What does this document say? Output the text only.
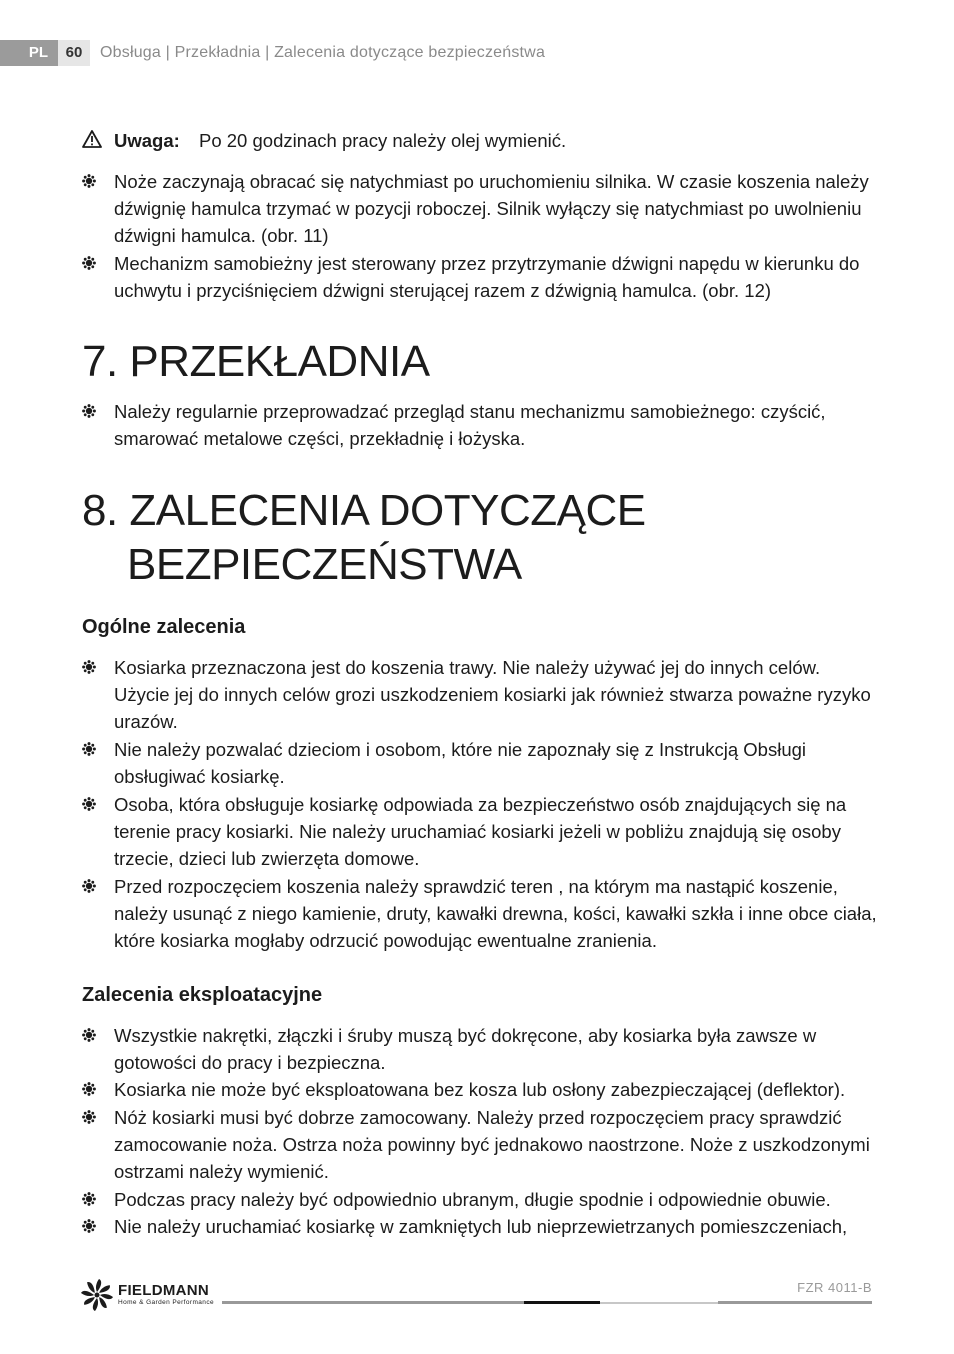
PL	60	Obsługa | Przekładnia | Zalecenia dotyczące bezpieczeństwa
Uwaga: Po 20 godzinach pracy należy olej wymienić.
Noże zaczynają obracać się natychmiast po uruchomieniu silnika. W czasie koszenia należy
dźwignię hamulca trzymać w pozycji roboczej. Silnik wyłączy się natychmiast po uwolnieniu
dźwigni hamulca. (obr. 11)
Mechanizm samobieżny jest sterowany przez przytrzymanie dźwigni napędu w kierunku do
uchwytu i przyciśnięciem dźwigni sterującej razem z dźwignią hamulca. (obr. 12)
7. PRZEKŁADNIA
Należy regularnie przeprowadzać przegląd stanu mechanizmu samobieżnego: czyścić,
smarować metalowe części, przekładnię i łożyska.
8. ZALECENIA DOTYCZĄCE
BEZPIECZEŃSTWA
Ogólne zalecenia
Kosiarka przeznaczona jest do koszenia trawy. Nie należy używać jej do innych celów.
Użycie jej do innych celów grozi uszkodzeniem kosiarki jak również stwarza poważne ryzyko
urazów.
Nie należy pozwalać dzieciom i osobom, które nie zapoznały się z Instrukcją Obsługi
obsługiwać kosiarkę.
Osoba, która obsługuje kosiarkę odpowiada za bezpieczeństwo osób znajdujących się na
terenie pracy kosiarki. Nie należy uruchamiać kosiarki jeżeli w pobliżu znajdują się osoby
trzecie, dzieci lub zwierzęta domowe.
Przed rozpoczęciem koszenia należy sprawdzić teren , na którym ma nastąpić koszenie,
należy usunąć z niego kamienie, druty, kawałki drewna, kości, kawałki szkła i inne obce ciała,
które kosiarka mogłaby odrzucić powodując ewentualne zranienia.
Zalecenia eksploatacyjne
Wszystkie nakrętki, złączki i śruby muszą być dokręcone, aby kosiarka była zawsze w
gotowości do pracy i bezpieczna.
Kosiarka nie może być eksploatowana bez kosza lub osłony zabezpieczającej (deflektor).
Nóż kosiarki musi być dobrze zamocowany. Należy przed rozpoczęciem pracy sprawdzić
zamocowanie noża. Ostrza noża powinny być jednakowo naostrzone. Noże z uszkodzonymi
ostrzami należy wymienić.
Podczas pracy należy być odpowiednio ubranym, długie spodnie i odpowiednie obuwie.
Nie należy uruchamiać kosiarkę w zamkniętych lub nieprzewietrzanych pomieszczeniach,
FIELDMANN
Home & Garden Performance
FZR 4011-B
